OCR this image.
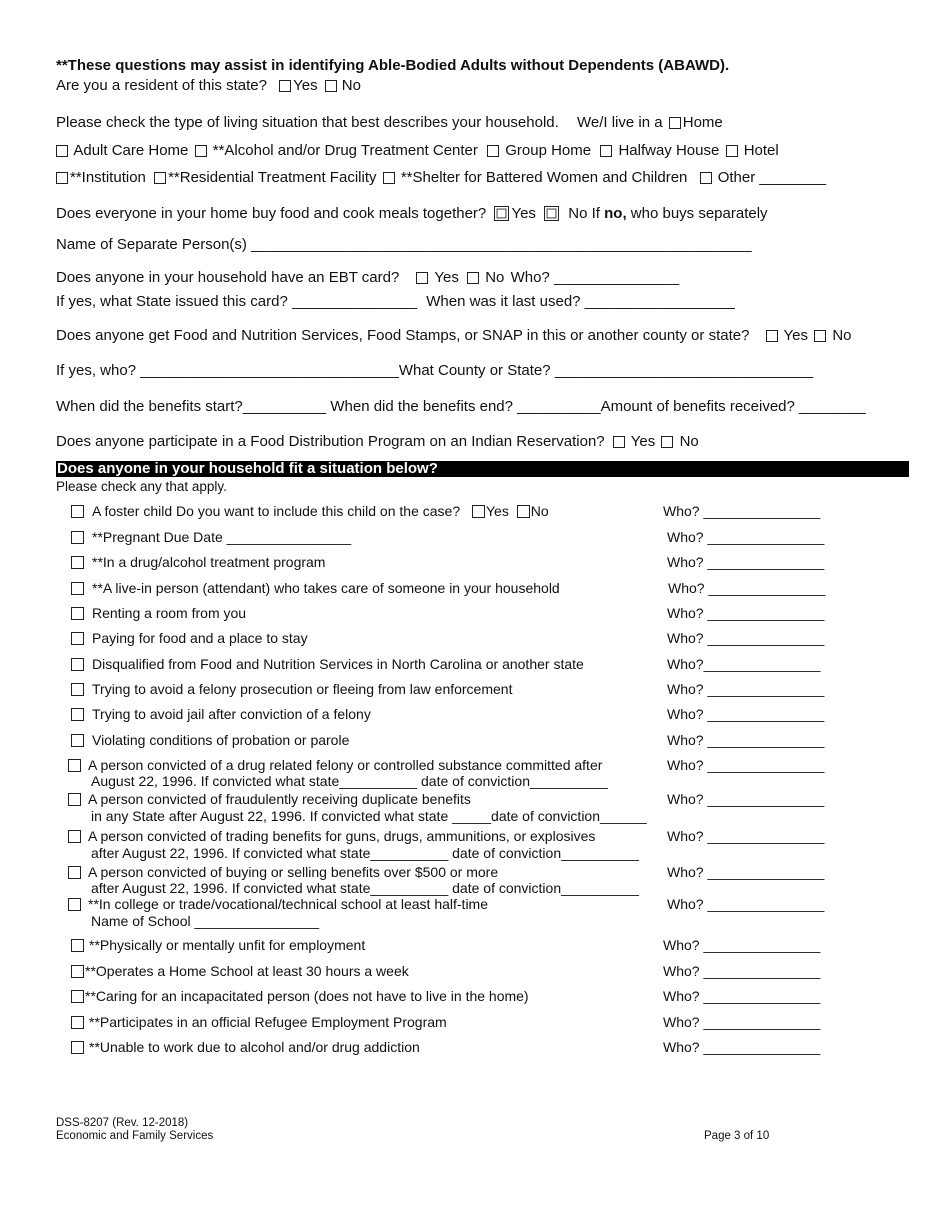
**These questions may assist in identifying Able-Bodied Adults without Dependents (ABAWD).
Are you a resident of this state? Yes No
Please check the type of living situation that best describes your household. We/I live in a Home
Adult Care Home **Alcohol and/or Drug Treatment Center Group Home Halfway House Hotel
**Institution **Residential Treatment Facility **Shelter for Battered Women and Children Other ________
Does everyone in your home buy food and cook meals together? Yes No If no, who buys separately
Name of Separate Person(s) ____________________________________________________________
Does anyone in your household have an EBT card? Yes No Who? _______________
If yes, what State issued this card? _______________ When was it last used? __________________
Does anyone get Food and Nutrition Services, Food Stamps, or SNAP in this or another county or state? Yes No
If yes, who? _______________________________What County or State? _______________________________
When did the benefits start?__________ When did the benefits end? __________Amount of benefits received? ________
Does anyone participate in a Food Distribution Program on an Indian Reservation? Yes No
Does anyone in your household fit a situation below?
Please check any that apply.
A foster child Do you want to include this child on the case? Yes No	Who? _______________
**Pregnant Due Date ________________	Who? _______________
**In a drug/alcohol treatment program	Who? _______________
**A live-in person (attendant) who takes care of someone in your household	Who? _______________
Renting a room from you	Who? _______________
Paying for food and a place to stay	Who? _______________
Disqualified from Food and Nutrition Services in North Carolina or another state	Who?_______________
Trying to avoid a felony prosecution or fleeing from law enforcement	Who? _______________
Trying to avoid jail after conviction of a felony	Who? _______________
Violating conditions of probation or parole	Who? _______________
A person convicted of a drug related felony or controlled substance committed after
August 22, 1996. If convicted what state__________ date of conviction__________
Who? _______________
A person convicted of fraudulently receiving duplicate benefits
in any State after August 22, 1996. If convicted what state _____date of conviction______
Who? _______________
A person convicted of trading benefits for guns, drugs, ammunitions, or explosives
after August 22, 1996. If convicted what state__________ date of conviction__________
Who? _______________
A person convicted of buying or selling benefits over $500 or more
after August 22, 1996. If convicted what state__________ date of conviction__________
Who? _______________
**In college or trade/vocational/technical school at least half-time
Name of School ________________
Who? _______________
**Physically or mentally unfit for employment	Who? _______________
**Operates a Home School at least 30 hours a week	Who? _______________
**Caring for an incapacitated person (does not have to live in the home)	Who? _______________
**Participates in an official Refugee Employment Program	Who? _______________
**Unable to work due to alcohol and/or drug addiction	Who? _______________
DSS-8207 (Rev. 12-2018)
Economic and Family Services	Page 3 of 10
